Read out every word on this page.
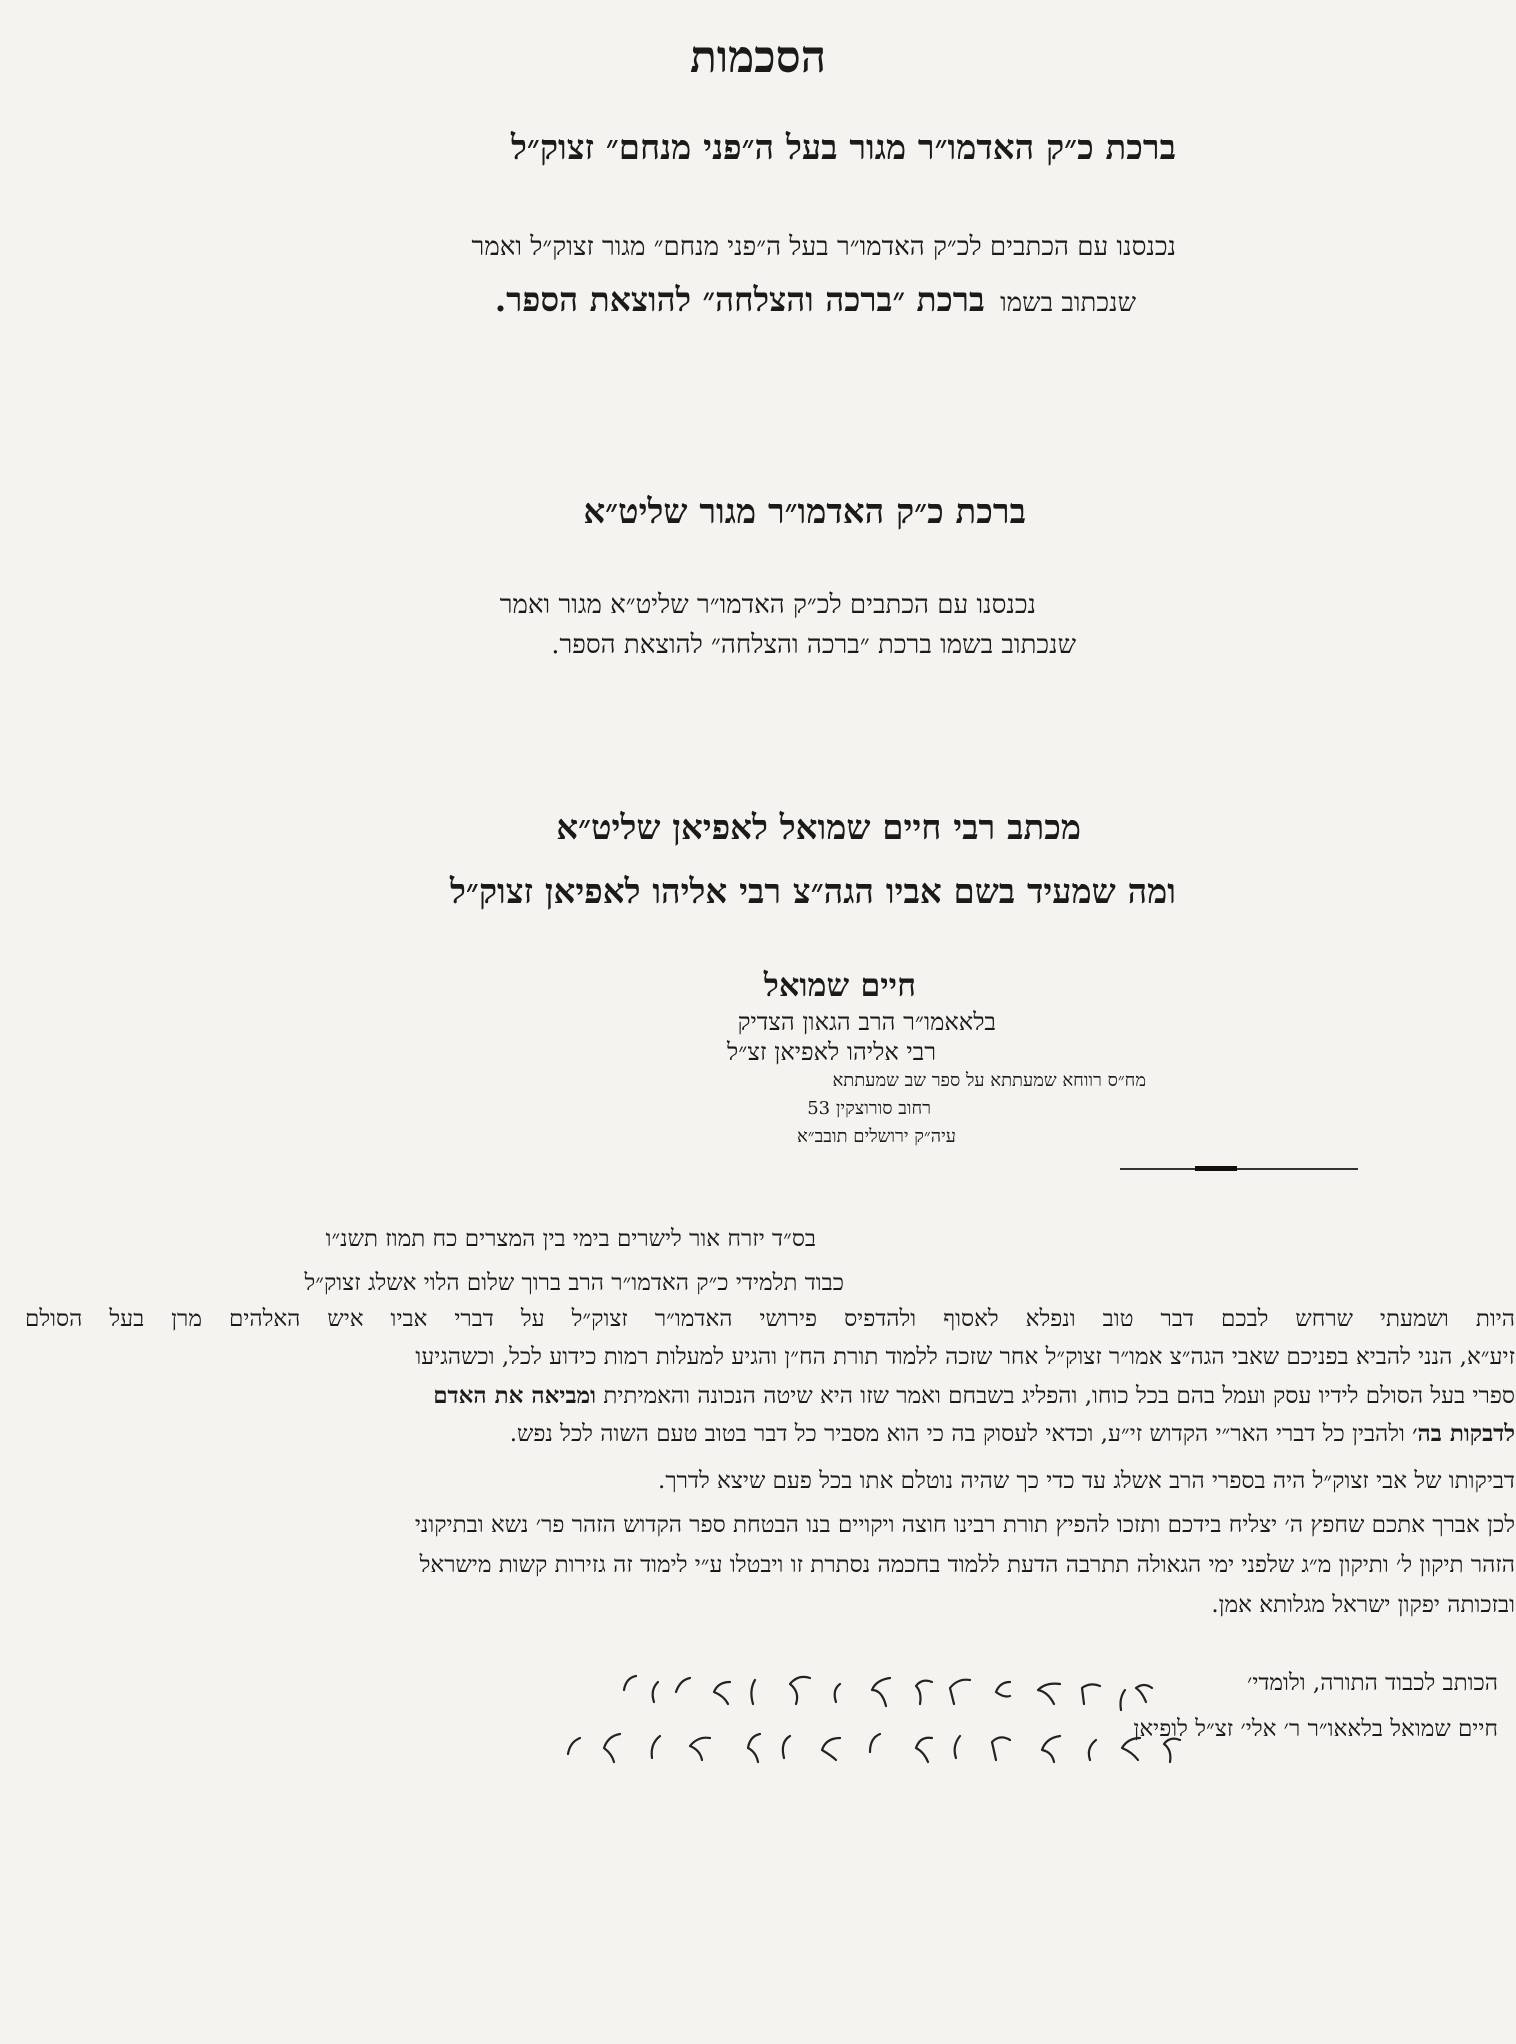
הסכמות
ברכת כ״ק האדמו״ר מגור בעל ה״פני מנחם״ זצוק״ל
נכנסנו עם הכתבים לכ״ק האדמו״ר בעל ה״פני מנחם״ מגור זצוק״ל ואמר
שנכתוב בשמו   ברכת ״ברכה והצלחה״ להוצאת הספר.
ברכת כ״ק האדמו״ר מגור שליט״א
נכנסנו עם הכתבים לכ״ק האדמו״ר שליט״א מגור ואמר
שנכתוב בשמו ברכת ״ברכה והצלחה״ להוצאת הספר.
מכתב רבי חיים שמואל לאפיאן שליט״א
ומה שמעיד בשם אביו הגה״צ רבי אליהו לאפיאן זצוק״ל
חיים שמואל
בלאאמו״ר הרב הגאון הצדיק
רבי אליהו לאפיאן זצ״ל
מח״ס רווחא שמעתתא על ספר שב שמעתתא
רחוב סורוצקין 53
עיה״ק ירושלים תובב״א
בס״ד יזרח אור לישרים בימי בין המצרים כח תמוז תשנ״ו
כבוד תלמידי כ״ק האדמו״ר הרב ברוך שלום הלוי אשלג זצוק״ל
היות ושמעתי שרחש לבכם דבר טוב ונפלא לאסוף ולהדפיס פירושי האדמו״ר זצוק״ל על דברי אביו איש האלהים מרן בעל הסולם
זיע״א, הנני להביא בפניכם שאבי הגה״צ אמו״ר זצוק״ל אחר שזכה ללמוד תורת הח״ן והגיע למעלות רמות כידוע לכל, וכשהגיעו
ספרי בעל הסולם לידיו עסק ועמל בהם בכל כוחו, והפליג בשבחם ואמר שזו היא שיטה הנכונה והאמיתית ומביאה את האדם
לדבקות בה׳ ולהבין כל דברי האר״י הקדוש זי״ע, וכדאי לעסוק בה כי הוא מסביר כל דבר בטוב טעם השוה לכל נפש.
דביקותו של אבי זצוק״ל היה בספרי הרב אשלג עד כדי כך שהיה נוטלם אתו בכל פעם שיצא לדרך.
לכן אברך אתכם שחפץ ה׳ יצליח בידכם ותזכו להפיץ תורת רבינו חוצה ויקויים בנו הבטחת ספר הקדוש הזהר פר׳ נשא ובתיקוני
הזהר תיקון ל׳ ותיקון מ״ג שלפני ימי הגאולה תתרבה הדעת ללמוד בחכמה נסתרת זו ויבטלו ע״י לימוד זה גזירות קשות מישראל
ובזכותה יפקון ישראל מגלותא אמן.
הכותב לכבוד התורה, ולומדי׳
חיים שמואל בלאאו״ר ר׳ אלי׳ זצ״ל לופיאן
